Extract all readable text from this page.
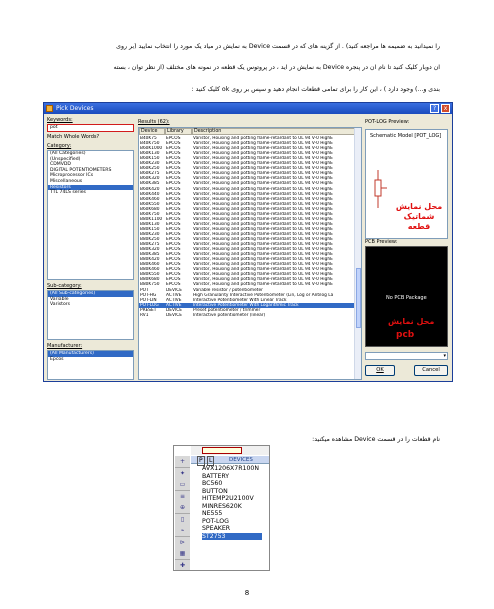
را نمیدانید به ضمیمه ها مراجعه کنید) . از گزینه های که در قسمت Device به نمایش در میاد یک مورد را انتخاب نمایید (بر روی
ان دوبار کلیک کنید تا نام ان در پنجره Device به نمایش در اید ، در پروتوس یک قطعه در نمونه های مختلف (از نظر توان ، بسته
بندی و...) وجود دارد ) ، این کار را برای تمامی قطعات انجام دهید و سپس بر روی ok کلیک کنید :
Pick Devices	?	x
Keywords:
pot
Match Whole Words?
Category:
(All Categories)
(Unspecified)
CDMVDD
DIGITAL POTENTIOMETERS
Microprocessor ICs
Miscellaneous
Resistors
TTL 74LS series
Sub-category:
(All Sub-categories)
Variable
Varistors
Manufacturer:
(All Manufacturers)
Epcos
Results (62):
Device	Library	Description
B40K75	EPCOS	Varistor, Housing and potting flame-retardant to UL 94 V-0 HighE
B40K750	EPCOS	Varistor, Housing and potting flame-retardant to UL 94 V-0 HighE
B60K1000 EPCOS	Varistor, Housing and potting flame-retardant to UL 94 V-0 HighE
B60K130	EPCOS	Varistor, Housing and potting flame-retardant to UL 94 V-0 HighE
B60K150	EPCOS	Varistor, Housing and potting flame-retardant to UL 94 V-0 HighE
B60K230	EPCOS	Varistor, Housing and potting flame-retardant to UL 94 V-0 HighE
B60K250	EPCOS	Varistor, Housing and potting flame-retardant to UL 94 V-0 HighE
B60K275	EPCOS	Varistor, Housing and potting flame-retardant to UL 94 V-0 HighE
B60K320	EPCOS	Varistor, Housing and potting flame-retardant to UL 94 V-0 HighE
B60K385	EPCOS	Varistor, Housing and potting flame-retardant to UL 94 V-0 HighE
B60K420	EPCOS	Varistor, Housing and potting flame-retardant to UL 94 V-0 HighE
B60K440	EPCOS	Varistor, Housing and potting flame-retardant to UL 94 V-0 HighE
B60K460	EPCOS	Varistor, Housing and potting flame-retardant to UL 94 V-0 HighE
B60K550	EPCOS	Varistor, Housing and potting flame-retardant to UL 94 V-0 HighE
B60K680	EPCOS	Varistor, Housing and potting flame-retardant to UL 94 V-0 HighE
B60K750	EPCOS	Varistor, Housing and potting flame-retardant to UL 94 V-0 HighE
B80K1100 EPCOS	Varistor, Housing and potting flame-retardant to UL 94 V-0 HighE
B80K130	EPCOS	Varistor, Housing and potting flame-retardant to UL 94 V-0 HighE
B80K150	EPCOS	Varistor, Housing and potting flame-retardant to UL 94 V-0 HighE
B80K230	EPCOS	Varistor, Housing and potting flame-retardant to UL 94 V-0 HighE
B80K250	EPCOS	Varistor, Housing and potting flame-retardant to UL 94 V-0 HighE
B80K275	EPCOS	Varistor, Housing and potting flame-retardant to UL 94 V-0 HighE
B80K320	EPCOS	Varistor, Housing and potting flame-retardant to UL 94 V-0 HighE
B80K385	EPCOS	Varistor, Housing and potting flame-retardant to UL 94 V-0 HighE
B80K420	EPCOS	Varistor, Housing and potting flame-retardant to UL 94 V-0 HighE
B80K460	EPCOS	Varistor, Housing and potting flame-retardant to UL 94 V-0 HighE
B80K460	EPCOS	Varistor, Housing and potting flame-retardant to UL 94 V-0 HighE
B80K550	EPCOS	Varistor, Housing and potting flame-retardant to UL 94 V-0 HighE
B80K680	EPCOS	Varistor, Housing and potting flame-retardant to UL 94 V-0 HighE
B80K750	EPCOS	Varistor, Housing and potting flame-retardant to UL 94 V-0 HighE
POT	DEVICE	Variable resistor / potentiometer
POT-HG	ACTIVE	High Granularity Interactive Potentiometer (Lin, Log or Antilog La
POT-LIN	ACTIVE	Interactive Potentiometer With Linear Track
POT-LOG	ACTIVE	Interactive Potentiometer With Logarithmic Track
PRESET	DEVICE	Preset potentiometer / trimmer
RV1	DEVICE	Interactive potentiometer (linear)
POT-LOG Preview:
Schematic Model [POT_LOG]
محل نمایش شماتیک قطعه
PCB Preview:
No PCB Package
محل نمایش
pcb
▾
OK	Cancel
نام قطعات را در قسمت Device مشاهده میکنید:
P	L	DEVICES
+
✦
▭
≡
⊕
▯
⌁
⊳
▦
✚
AVX1206X7R100N
BATTERY
BC560
BUTTON
HITEMP2U2100V
MINRES620K
NE555
POT-LOG
SPEAKER
ST2753
8
